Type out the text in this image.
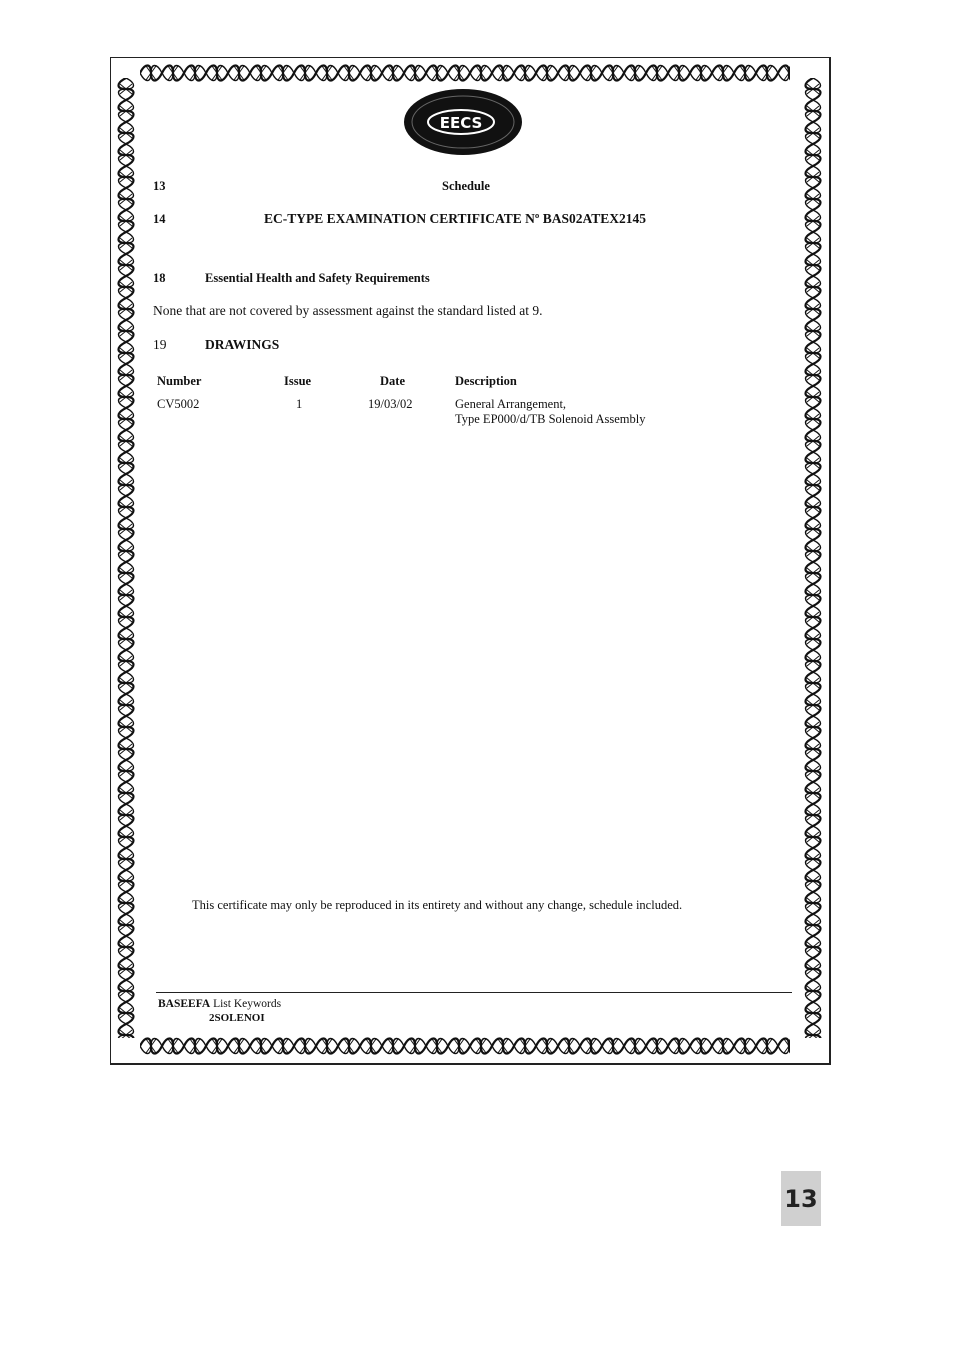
EECS
13	Schedule
14	EC-TYPE EXAMINATION CERTIFICATE Nº BAS02ATEX2145
18	Essential Health and Safety Requirements
None that are not covered by assessment against the standard listed at 9.
19	DRAWINGS
Number	Issue	Date	Description
CV5002	1	19/03/02	General Arrangement,
Type EP000/d/TB Solenoid Assembly
This certificate may only be reproduced in its entirety and without any change, schedule included.
BASEEFA List Keywords
2SOLENOI
13
